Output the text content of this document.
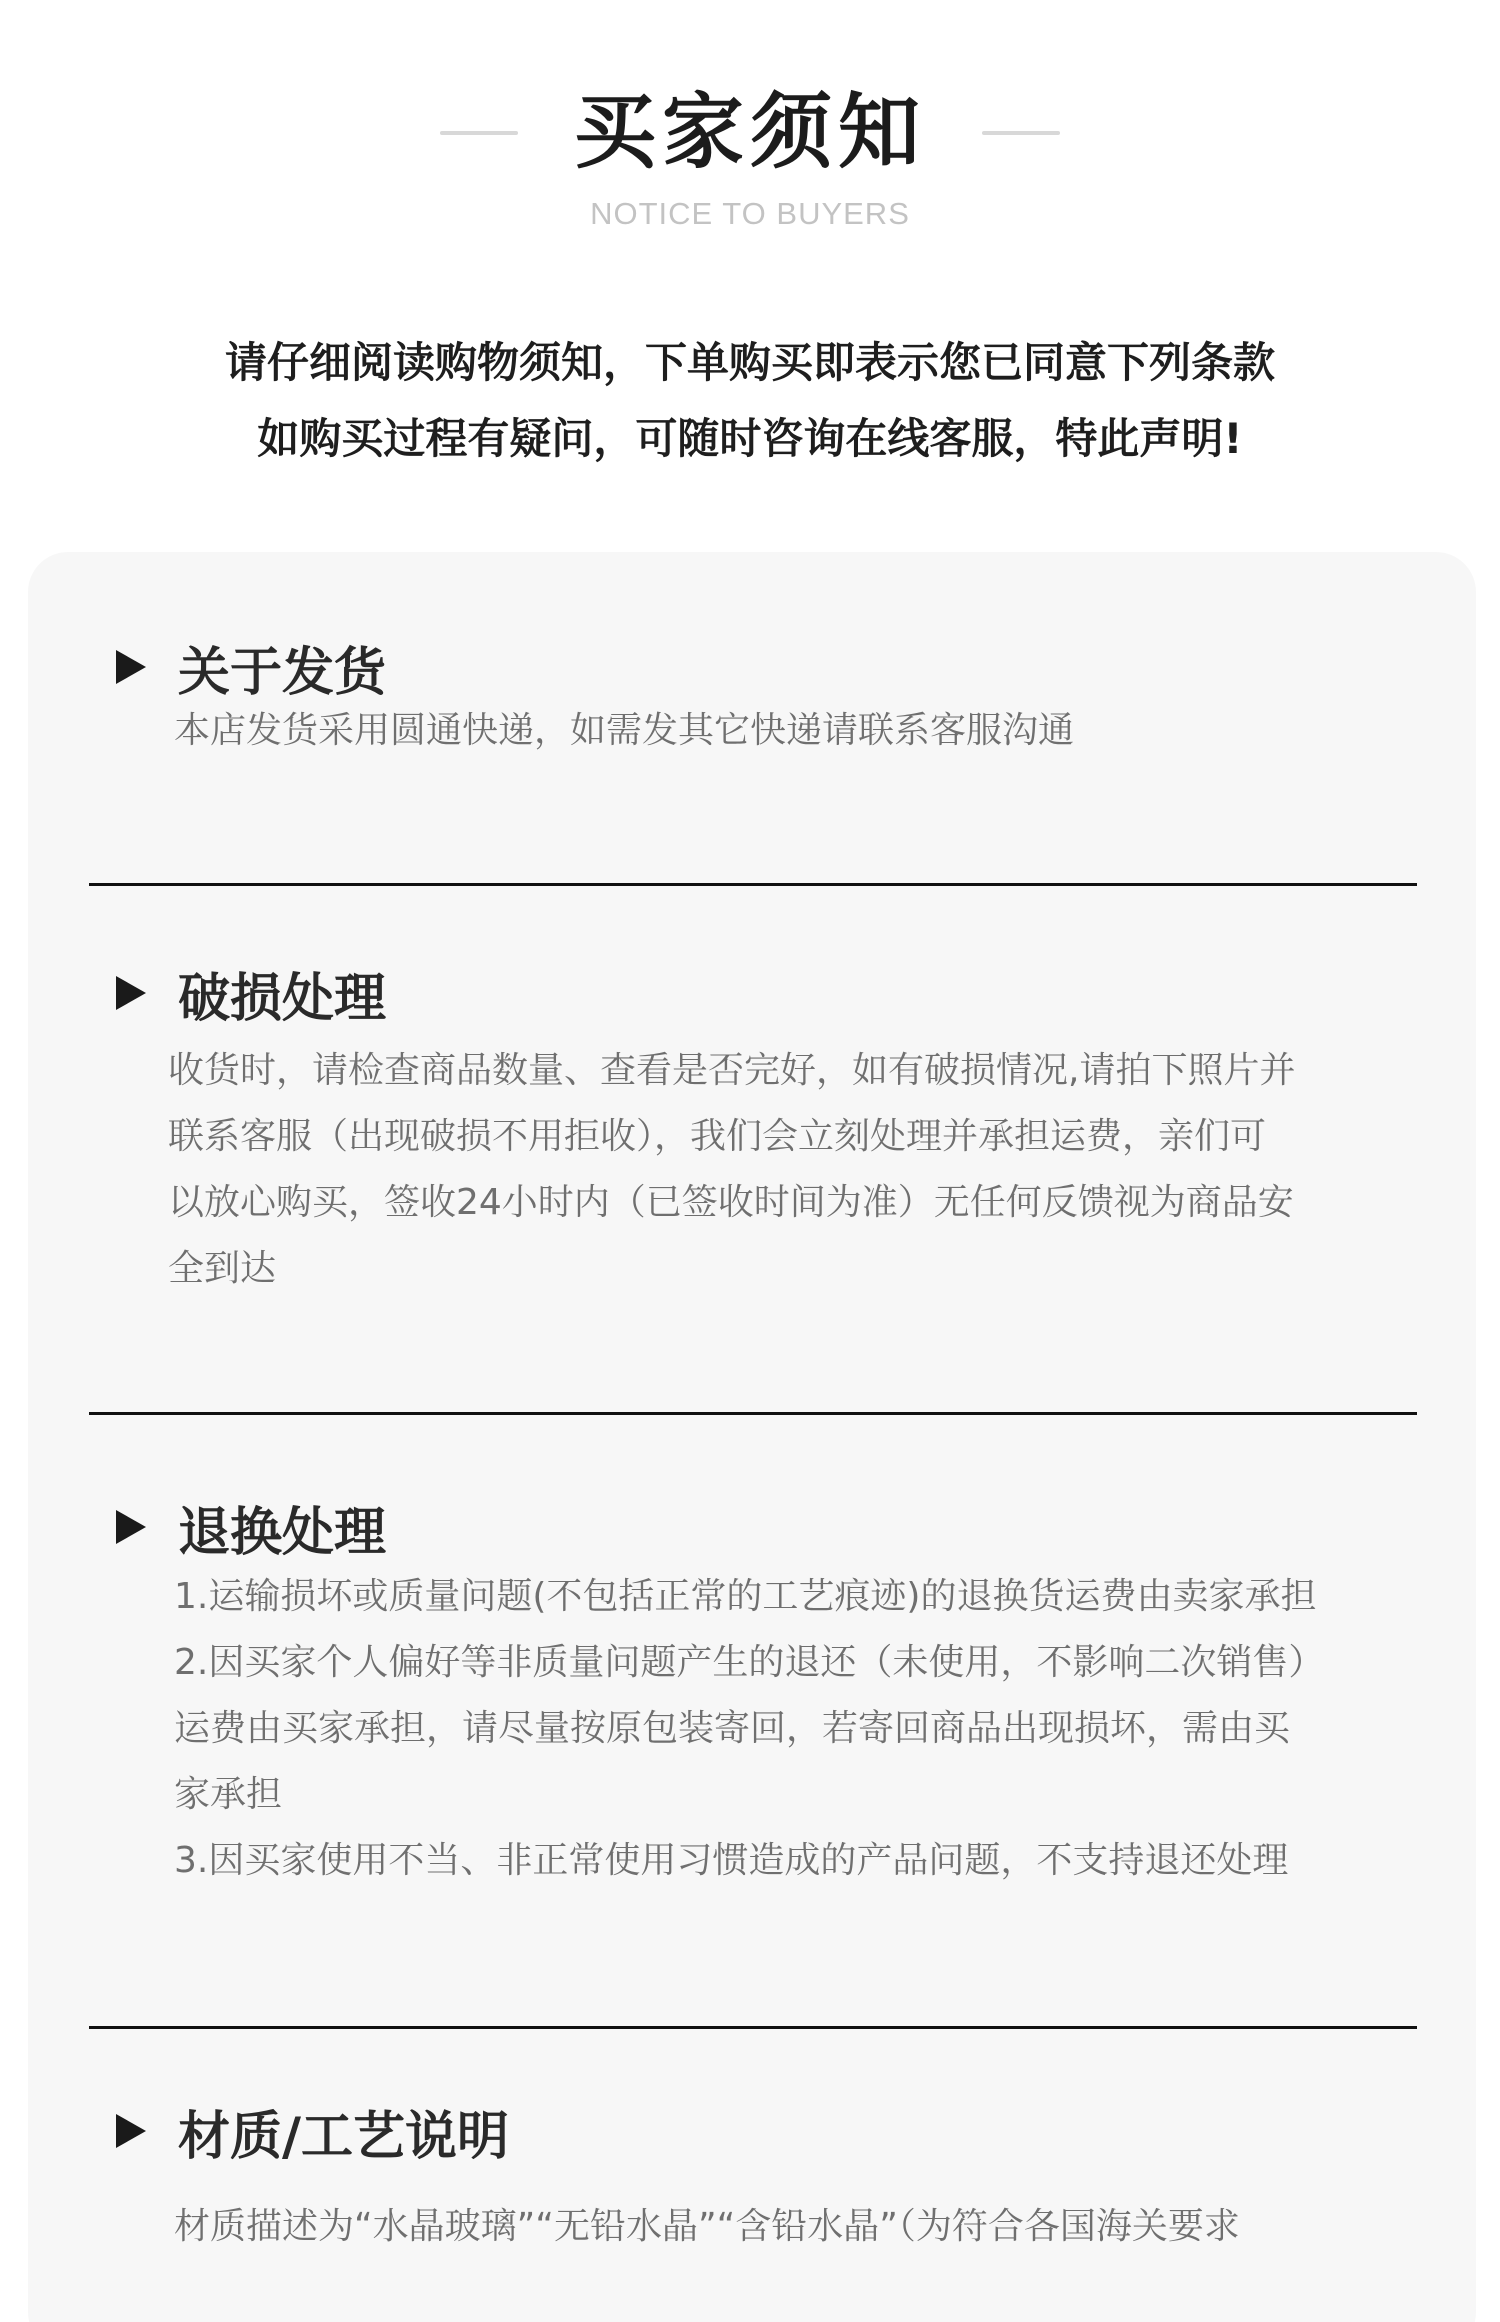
买家须知
NOTICE TO BUYERS
请仔细阅读购物须知，下单购买即表示您已同意下列条款
如购买过程有疑问，可随时咨询在线客服，特此声明!
关于发货
本店发货采用圆通快递，如需发其它快递请联系客服沟通
破损处理
收货时，请检查商品数量、查看是否完好，如有破损情况,请拍下照片并
联系客服（出现破损不用拒收），我们会立刻处理并承担运费，亲们可
以放心购买，签收24小时内（已签收时间为准）无任何反馈视为商品安
全到达
退换处理
1.运输损坏或质量问题(不包括正常的工艺痕迹)的退换货运费由卖家承担
2.因买家个人偏好等非质量问题产生的退还（未使用，不影响二次销售）
运费由买家承担，请尽量按原包装寄回，若寄回商品出现损坏，需由买
家承担
3.因买家使用不当、非正常使用习惯造成的产品问题，不支持退还处理
材质/工艺说明
材质描述为“水晶玻璃”“无铅水晶”“含铅水晶”（为符合各国海关要求
